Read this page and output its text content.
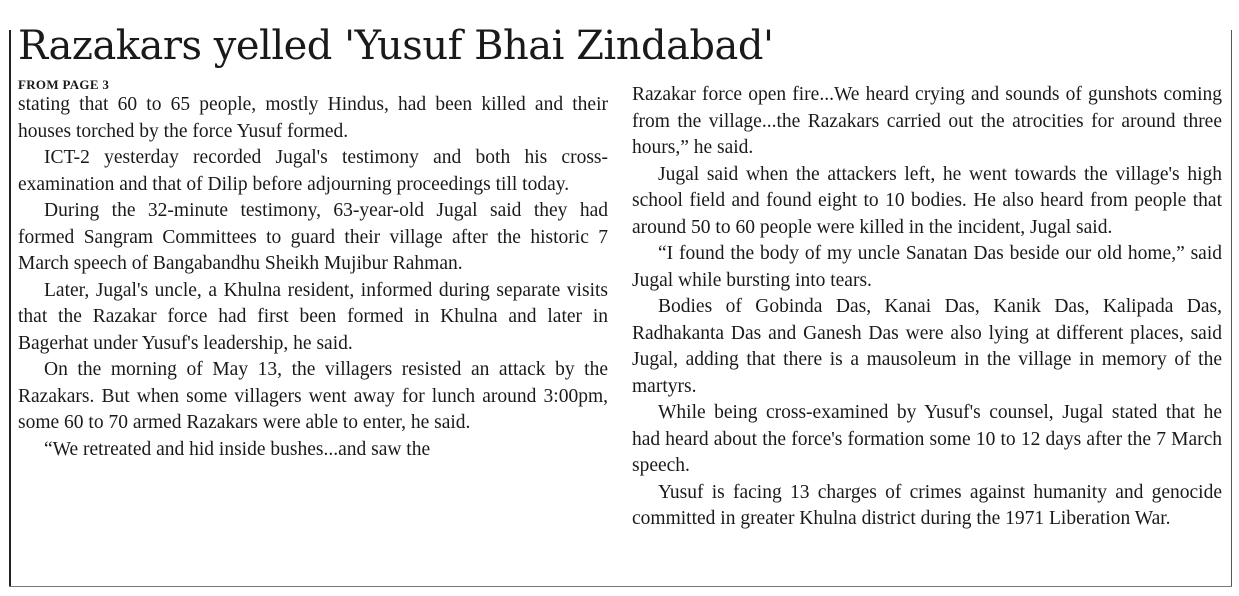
Razakars yelled 'Yusuf Bhai Zindabad'
FROM PAGE 3

stating that 60 to 65 people, mostly Hindus, had been killed and their houses torched by the force Yusuf formed.

ICT-2 yesterday recorded Jugal's testimony and both his cross-examination and that of Dilip before adjourning proceedings till today.

During the 32-minute testimony, 63-year-old Jugal said they had formed Sangram Committees to guard their village after the historic 7 March speech of Bangabandhu Sheikh Mujibur Rahman.

Later, Jugal's uncle, a Khulna resident, informed during separate visits that the Razakar force had first been formed in Khulna and later in Bagerhat under Yusuf's leadership, he said.

On the morning of May 13, the villagers resisted an attack by the Razakars. But when some villagers went away for lunch around 3:00pm, some 60 to 70 armed Razakars were able to enter, he said.

“We retreated and hid inside bushes...and saw the

Razakar force open fire...We heard crying and sounds of gunshots coming from the village...the Razakars carried out the atrocities for around three hours,” he said.

Jugal said when the attackers left, he went towards the village's high school field and found eight to 10 bodies. He also heard from people that around 50 to 60 people were killed in the incident, Jugal said.

“I found the body of my uncle Sanatan Das beside our old home,” said Jugal while bursting into tears.

Bodies of Gobinda Das, Kanai Das, Kanik Das, Kalipada Das, Radhakanta Das and Ganesh Das were also lying at different places, said Jugal, adding that there is a mausoleum in the village in memory of the martyrs.

While being cross-examined by Yusuf's counsel, Jugal stated that he had heard about the force's formation some 10 to 12 days after the 7 March speech.

Yusuf is facing 13 charges of crimes against humanity and genocide committed in greater Khulna district during the 1971 Liberation War.
